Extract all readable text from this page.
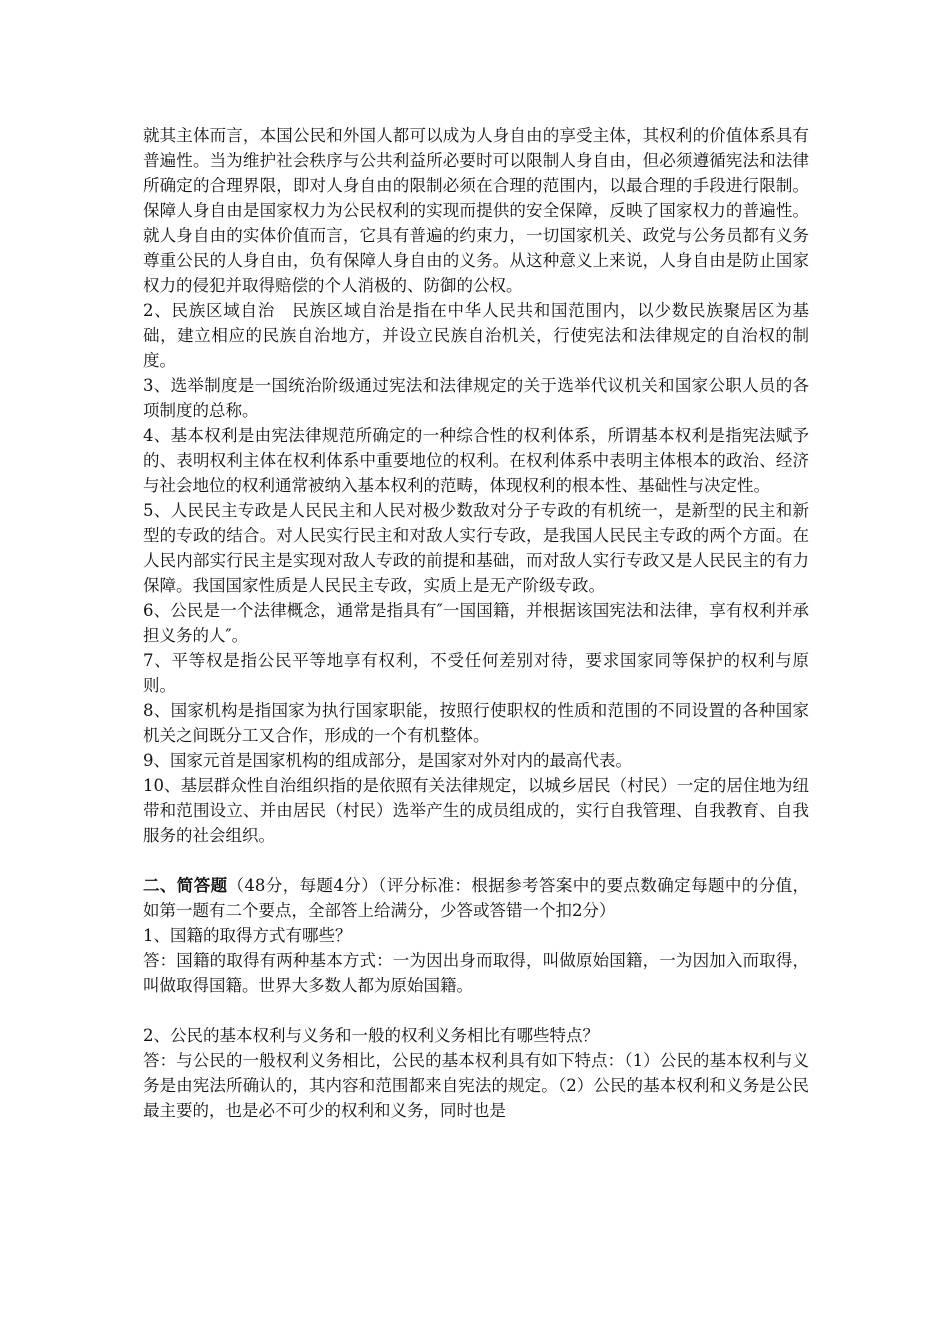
就其主体而言，本国公民和外国人都可以成为人身自由的享受主体，其权利的价值体系具有普遍性。当为维护社会秩序与公共利益所必要时可以限制人身自由，但必须遵循宪法和法律所确定的合理界限，即对人身自由的限制必须在合理的范围内，以最合理的手段进行限制。保障人身自由是国家权力为公民权利的实现而提供的安全保障，反映了国家权力的普遍性。就人身自由的实体价值而言，它具有普遍的约束力，一切国家机关、政党与公务员都有义务尊重公民的人身自由，负有保障人身自由的义务。从这种意义上来说，人身自由是防止国家权力的侵犯并取得赔偿的个人消极的、防御的公权。

2、民族区域自治　民族区域自治是指在中华人民共和国范围内，以少数民族聚居区为基础，建立相应的民族自治地方，并设立民族自治机关，行使宪法和法律规定的自治权的制度。

3、选举制度是一国统治阶级通过宪法和法律规定的关于选举代议机关和国家公职人员的各项制度的总称。

4、基本权利是由宪法律规范所确定的一种综合性的权利体系，所谓基本权利是指宪法赋予的、表明权利主体在权利体系中重要地位的权利。在权利体系中表明主体根本的政治、经济与社会地位的权利通常被纳入基本权利的范畴，体现权利的根本性、基础性与决定性。

5、人民民主专政是人民民主和人民对极少数敌对分子专政的有机统一，是新型的民主和新型的专政的结合。对人民实行民主和对敌人实行专政，是我国人民民主专政的两个方面。在人民内部实行民主是实现对敌人专政的前提和基础，而对敌人实行专政又是人民民主的有力保障。我国国家性质是人民民主专政，实质上是无产阶级专政。

6、公民是一个法律概念，通常是指具有″一国国籍，并根据该国宪法和法律，享有权利并承担义务的人″。

7、平等权是指公民平等地享有权利，不受任何差别对待，要求国家同等保护的权利与原则。

8、国家机构是指国家为执行国家职能，按照行使职权的性质和范围的不同设置的各种国家机关之间既分工又合作，形成的一个有机整体。

9、国家元首是国家机构的组成部分，是国家对外对内的最高代表。

10、基层群众性自治组织指的是依照有关法律规定，以城乡居民（村民）一定的居住地为纽带和范围设立、并由居民（村民）选举产生的成员组成的，实行自我管理、自我教育、自我服务的社会组织。

二、简答题（48分，每题4分）（评分标准：根据参考答案中的要点数确定每题中的分值，如第一题有二个要点，全部答上给满分，少答或答错一个扣2分）

1、国籍的取得方式有哪些？

答：国籍的取得有两种基本方式：一为因出身而取得，叫做原始国籍，一为因加入而取得，叫做取得国籍。世界大多数人都为原始国籍。

2、公民的基本权利与义务和一般的权利义务相比有哪些特点？

答：与公民的一般权利义务相比，公民的基本权利具有如下特点：（1）公民的基本权利与义务是由宪法所确认的，其内容和范围都来自宪法的规定。（2）公民的基本权利和义务是公民最主要的，也是必不可少的权利和义务，同时也是
